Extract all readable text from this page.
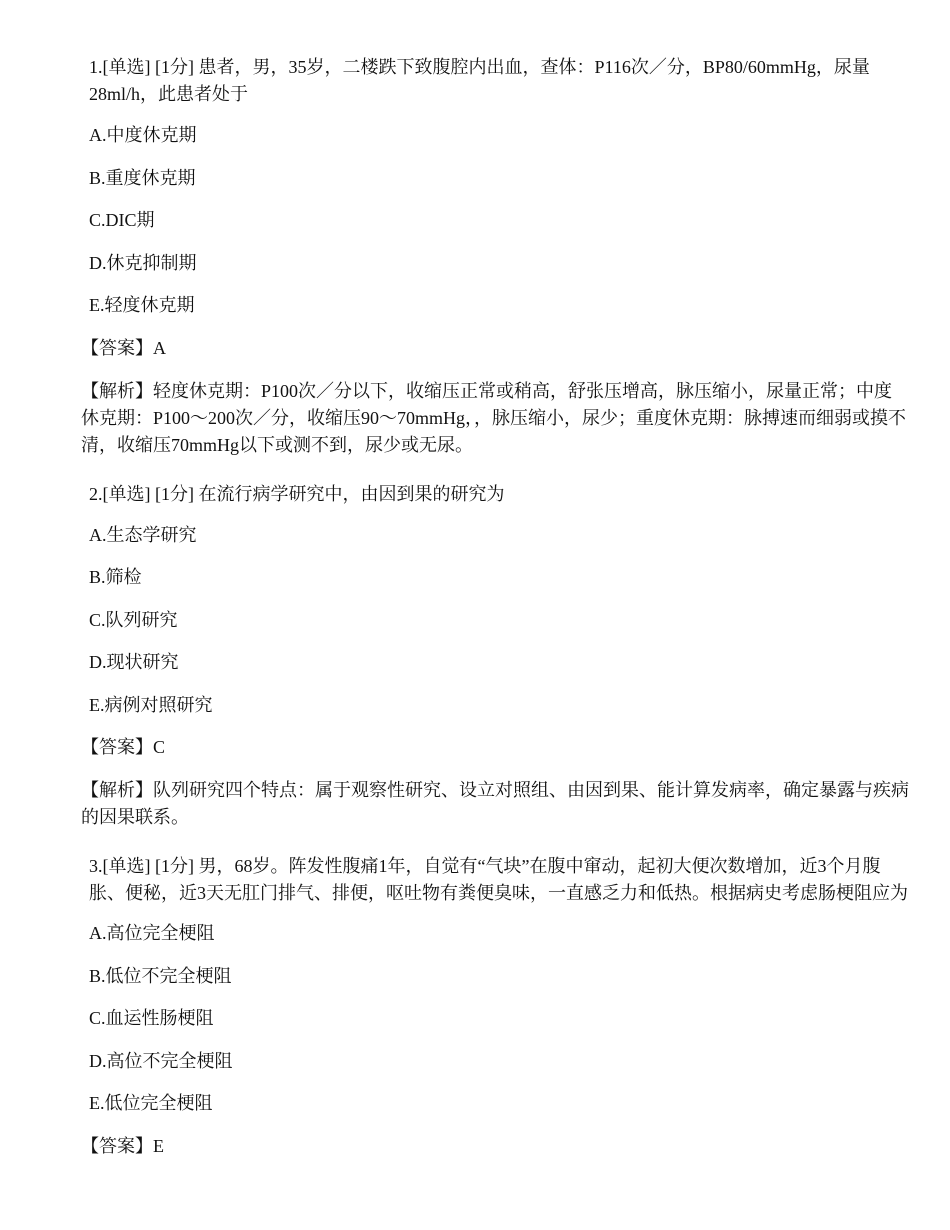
1.[单选] [1分] 患者，男，35岁，二楼跌下致腹腔内出血，查体：P116次／分，BP80/60mmHg，尿量28ml/h，此患者处于

A.中度休克期

B.重度休克期

C.DIC期

D.休克抑制期

E.轻度休克期

【答案】A

【解析】轻度休克期：P100次／分以下，收缩压正常或稍高，舒张压增高，脉压缩小，尿量正常；中度休克期：P100～200次／分，收缩压90～70mmHg，，脉压缩小，尿少；重度休克期：脉搏速而细弱或摸不清，收缩压70mmHg以下或测不到，尿少或无尿。

2.[单选] [1分] 在流行病学研究中，由因到果的研究为

A.生态学研究

B.筛检

C.队列研究

D.现状研究

E.病例对照研究

【答案】C

【解析】队列研究四个特点：属于观察性研究、设立对照组、由因到果、能计算发病率，确定暴露与疾病的因果联系。

3.[单选] [1分] 男，68岁。阵发性腹痛1年，自觉有“气块”在腹中窜动，起初大便次数增加，近3个月腹胀、便秘，近3天无肛门排气、排便，呕吐物有粪便臭味，一直感乏力和低热。根据病史考虑肠梗阻应为

A.高位完全梗阻

B.低位不完全梗阻

C.血运性肠梗阻

D.高位不完全梗阻

E.低位完全梗阻

【答案】E
